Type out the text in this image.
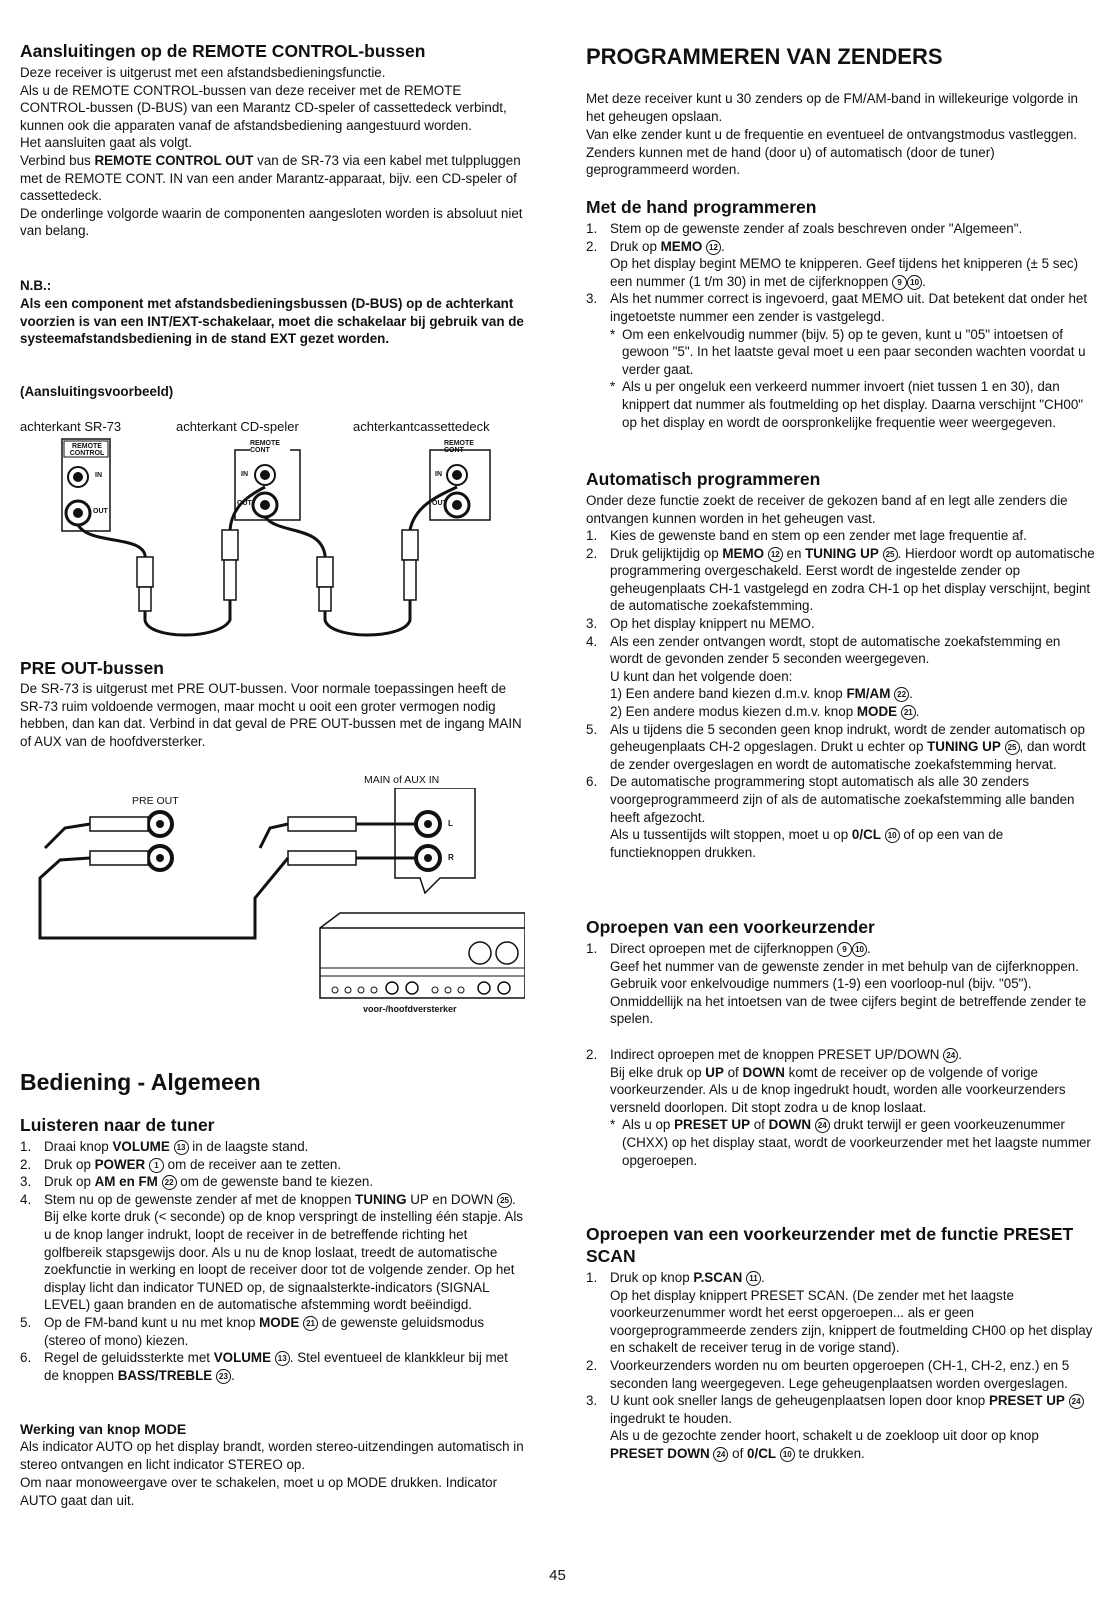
Aansluitingen op de REMOTE CONTROL-bussen

Deze receiver is uitgerust met een afstandsbedieningsfunctie.

Als u de REMOTE CONTROL-bussen van deze receiver met de REMOTE CONTROL-bussen (D-BUS) van een Marantz CD-speler of cassettedeck verbindt, kunnen ook die apparaten vanaf de afstandsbediening aangestuurd worden.

Het aansluiten gaat als volgt.

Verbind bus REMOTE CONTROL OUT van de SR-73 via een kabel met tulppluggen met de REMOTE CONT. IN van een ander Marantz-apparaat, bijv. een CD-speler of cassettedeck.

De onderlinge volgorde waarin de componenten aangesloten worden is absoluut niet van belang.

N.B.:

Als een component met afstandsbedieningsbussen (D-BUS) op de achterkant voorzien is van een INT/EXT-schakelaar, moet die schakelaar bij gebruik van de systeemafstandsbediening in de stand EXT gezet worden.

(Aansluitingsvoorbeeld)

achterkant SR-73	achterkant CD-speler	achterkantcassettedeck
REMOTE CONTROL
REMOTE CONT
REMOTE CONT
IN
OUT
IN
OUT
IN
OUT
PRE OUT-bussen

De SR-73 is uitgerust met PRE OUT-bussen. Voor normale toepassingen heeft de SR-73 ruim voldoende vermogen, maar mocht u ooit een groter vermogen nodig hebben, dan kan dat. Verbind in dat geval de PRE OUT-bussen met de ingang MAIN of AUX van de hoofdversterker.

MAIN of AUX IN
PRE OUT
L
R
voor-/hoofdversterker
Bediening - Algemeen
Luisteren naar de tuner
1. Draai knop VOLUME 13 in de laagste stand.
2. Druk op POWER 1 om de receiver aan te zetten.
3. Druk op AM en FM 22 om de gewenste band te kiezen.
4. Stem nu op de gewenste zender af met de knoppen TUNING UP en DOWN 25 . Bij elke korte druk (< seconde) op de knop verspringt de instelling één stapje. Als u de knop langer indrukt, loopt de receiver in de betreffende richting het golfbereik stapsgewijs door. Als u nu de knop loslaat, treedt de automatische zoekfunctie in werking en loopt de receiver door tot de volgende zender. Op het display licht dan indicator TUNED op, de signaalsterkte-indicators (SIGNAL LEVEL) gaan branden en de automatische afstemming wordt beëindigd.
5. Op de FM-band kunt u nu met knop MODE 21 de gewenste geluidsmodus (stereo of mono) kiezen.
6. Regel de geluidssterkte met VOLUME 13 . Stel eventueel de klankkleur bij met de knoppen BASS/TREBLE 23 .
Werking van knop MODE

Als indicator AUTO op het display brandt, worden stereo-uitzendingen automatisch in stereo ontvangen en licht indicator STEREO op.

Om naar monoweergave over te schakelen, moet u op MODE drukken. Indicator AUTO gaat dan uit.

PROGRAMMEREN VAN ZENDERS

Met deze receiver kunt u 30 zenders op de FM/AM-band in willekeurige volgorde in het geheugen opslaan.

Van elke zender kunt u de frequentie en eventueel de ontvangstmodus vastleggen. Zenders kunnen met de hand (door u) of automatisch (door de tuner) geprogrammeerd worden.

Met de hand programmeren
1. Stem op de gewenste zender af zoals beschreven onder "Algemeen".
2. Druk op MEMO 12 .
Op het display begint MEMO te knipperen. Geef tijdens het knipperen (± 5 sec) een nummer (1 t/m 30) in met de cijferknoppen 9 10 .
3. Als het nummer correct is ingevoerd, gaat MEMO uit. Dat betekent dat onder het ingetoetste nummer een zender is vastgelegd.
* Om een enkelvoudig nummer (bijv. 5) op te geven, kunt u "05" intoetsen of gewoon "5". In het laatste geval moet u een paar seconden wachten voordat u verder gaat.
* Als u per ongeluk een verkeerd nummer invoert (niet tussen 1 en 30), dan knippert dat nummer als foutmelding op het display. Daarna verschijnt "CH00" op het display en wordt de oorspronkelijke frequentie weer weergegeven.
Automatisch programmeren

Onder deze functie zoekt de receiver de gekozen band af en legt alle zenders die ontvangen kunnen worden in het geheugen vast.

1. Kies de gewenste band en stem op een zender met lage frequentie af.
2. Druk gelijktijdig op MEMO 12 en TUNING UP 25 . Hierdoor wordt op automatische programmering overgeschakeld. Eerst wordt de ingestelde zender op geheugenplaats CH-1 vastgelegd en zodra CH-1 op het display verschijnt, begint de automatische zoekafstemming.
3. Op het display knippert nu MEMO.
4. Als een zender ontvangen wordt, stopt de automatische zoekafstemming en wordt de gevonden zender 5 seconden weergegeven.
U kunt dan het volgende doen:
1) Een andere band kiezen d.m.v. knop FM/AM 22 .
2) Een andere modus kiezen d.m.v. knop MODE 21 .
5. Als u tijdens die 5 seconden geen knop indrukt, wordt de zender automatisch op geheugenplaats CH-2 opgeslagen. Drukt u echter op TUNING UP 25 , dan wordt de zender overgeslagen en wordt de automatische zoekafstemming hervat.
6. De automatische programmering stopt automatisch als alle 30 zenders voorgeprogrammeerd zijn of als de automatische zoekafstemming alle banden heeft afgezocht.
Als u tussentijds wilt stoppen, moet u op 0/CL 10 of op een van de functieknoppen drukken.
Oproepen van een voorkeurzender
1. Direct oproepen met de cijferknoppen 9 10 .
Geef het nummer van de gewenste zender in met behulp van de cijferknoppen. Gebruik voor enkelvoudige nummers (1-9) een voorloop-nul (bijv. "05"). Onmiddellijk na het intoetsen van de twee cijfers begint de betreffende zender te spelen.
2. Indirect oproepen met de knoppen PRESET UP/DOWN 24 .
Bij elke druk op UP of DOWN komt de receiver op de volgende of vorige voorkeurzender. Als u de knop ingedrukt houdt, worden alle voorkeurzenders versneld doorlopen. Dit stopt zodra u de knop loslaat.
* Als u op PRESET UP of DOWN 24 drukt terwijl er geen voorkeuzenummer (CHXX) op het display staat, wordt de voorkeurzender met het laagste nummer opgeroepen.
Oproepen van een voorkeurzender met de functie PRESET SCAN
1. Druk op knop P.SCAN 11 .
Op het display knippert PRESET SCAN. (De zender met het laagste voorkeurzenummer wordt het eerst opgeroepen... als er geen voorgeprogrammeerde zenders zijn, knippert de foutmelding CH00 op het display en schakelt de receiver terug in de vorige stand).
2. Voorkeurzenders worden nu om beurten opgeroepen (CH-1, CH-2, enz.) en 5 seconden lang weergegeven. Lege geheugenplaatsen worden overgeslagen.
3. U kunt ook sneller langs de geheugenplaatsen lopen door knop PRESET UP 24 ingedrukt te houden.
Als u de gezochte zender hoort, schakelt u de zoekloop uit door op knop PRESET DOWN 24 of 0/CL 10 te drukken.
45
